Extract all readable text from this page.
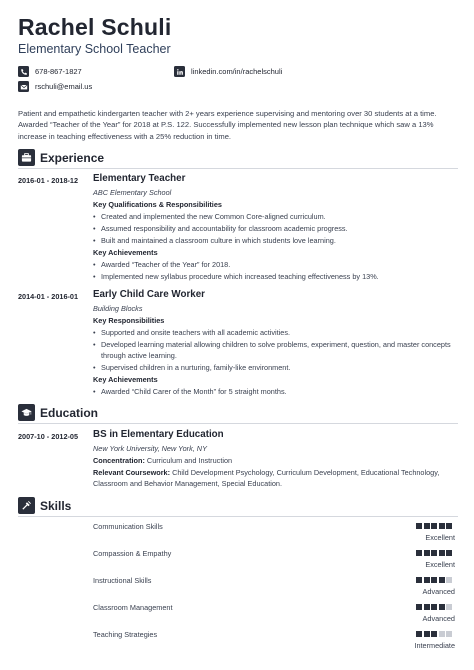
Rachel Schuli
Elementary School Teacher
678-867-1827
rschuli@email.us
linkedin.com/in/rachelschuli
Patient and empathetic kindergarten teacher with 2+ years experience supervising and mentoring over 30 students at a time. Awarded “Teacher of the Year” for 2018 at P.S. 122. Successfully implemented new lesson plan technique which saw a 13% increase in teaching effectiveness with a 25% reduction in time.
Experience
2016-01 - 2018-12 Elementary Teacher
ABC Elementary School
Key Qualifications & Responsibilities
• Created and implemented the new Common Core-aligned curriculum.
• Assumed responsibility and accountability for classroom academic progress.
• Built and maintained a classroom culture in which students love learning.
Key Achievements
• Awarded “Teacher of the Year” for 2018.
• Implemented new syllabus procedure which increased teaching effectiveness by 13%.
2014-01 - 2016-01 Early Child Care Worker
Building Blocks
Key Responsibilities
• Supported and onsite teachers with all academic activities.
• Developed learning material allowing children to solve problems, experiment, question, and master concepts through active learning.
• Supervised children in a nurturing, family-like environment.
Key Achievements
• Awarded “Child Carer of the Month” for 5 straight months.
Education
2007-10 - 2012-05 BS in Elementary Education
New York University, New York, NY
Concentration: Curriculum and Instruction
Relevant Coursework: Child Development Psychology, Curriculum Development, Educational Technology, Classroom and Behavior Management, Special Education.
Skills
Communication Skills
Excellent
Compassion & Empathy
Excellent
Instructional Skills
Advanced
Classroom Management
Advanced
Teaching Strategies
Intermediate
